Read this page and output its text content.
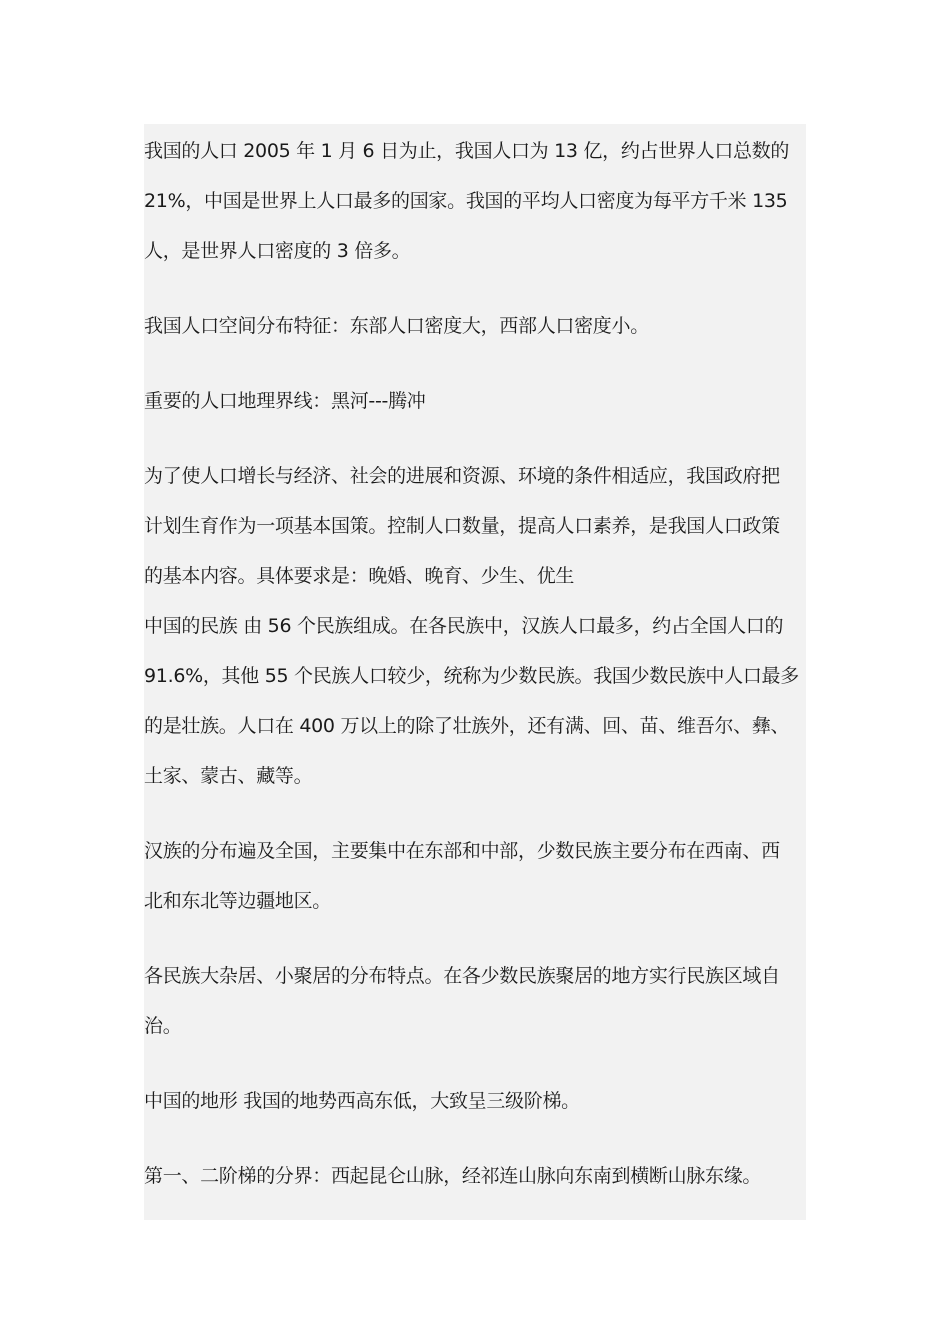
我国的人口 2005 年 1 月 6 日为止，我国人口为 13 亿，约占世界人口总数的
21%，中国是世界上人口最多的国家。我国的平均人口密度为每平方千米 135
人，是世界人口密度的 3 倍多。

我国人口空间分布特征：东部人口密度大，西部人口密度小。

重要的人口地理界线：黑河---腾冲

为了使人口增长与经济、社会的进展和资源、环境的条件相适应，我国政府把
计划生育作为一项基本国策。控制人口数量，提高人口素养，是我国人口政策
的基本内容。具体要求是：晚婚、晚育、少生、优生

中国的民族 由 56 个民族组成。在各民族中，汉族人口最多，约占全国人口的
91.6%，其他 55 个民族人口较少，统称为少数民族。我国少数民族中人口最多
的是壮族。人口在 400 万以上的除了壮族外，还有满、回、苗、维吾尔、彝、
土家、蒙古、藏等。

汉族的分布遍及全国，主要集中在东部和中部，少数民族主要分布在西南、西
北和东北等边疆地区。

各民族大杂居、小聚居的分布特点。在各少数民族聚居的地方实行民族区域自
治。

中国的地形 我国的地势西高东低，大致呈三级阶梯。

第一、二阶梯的分界：西起昆仑山脉，经祁连山脉向东南到横断山脉东缘。
